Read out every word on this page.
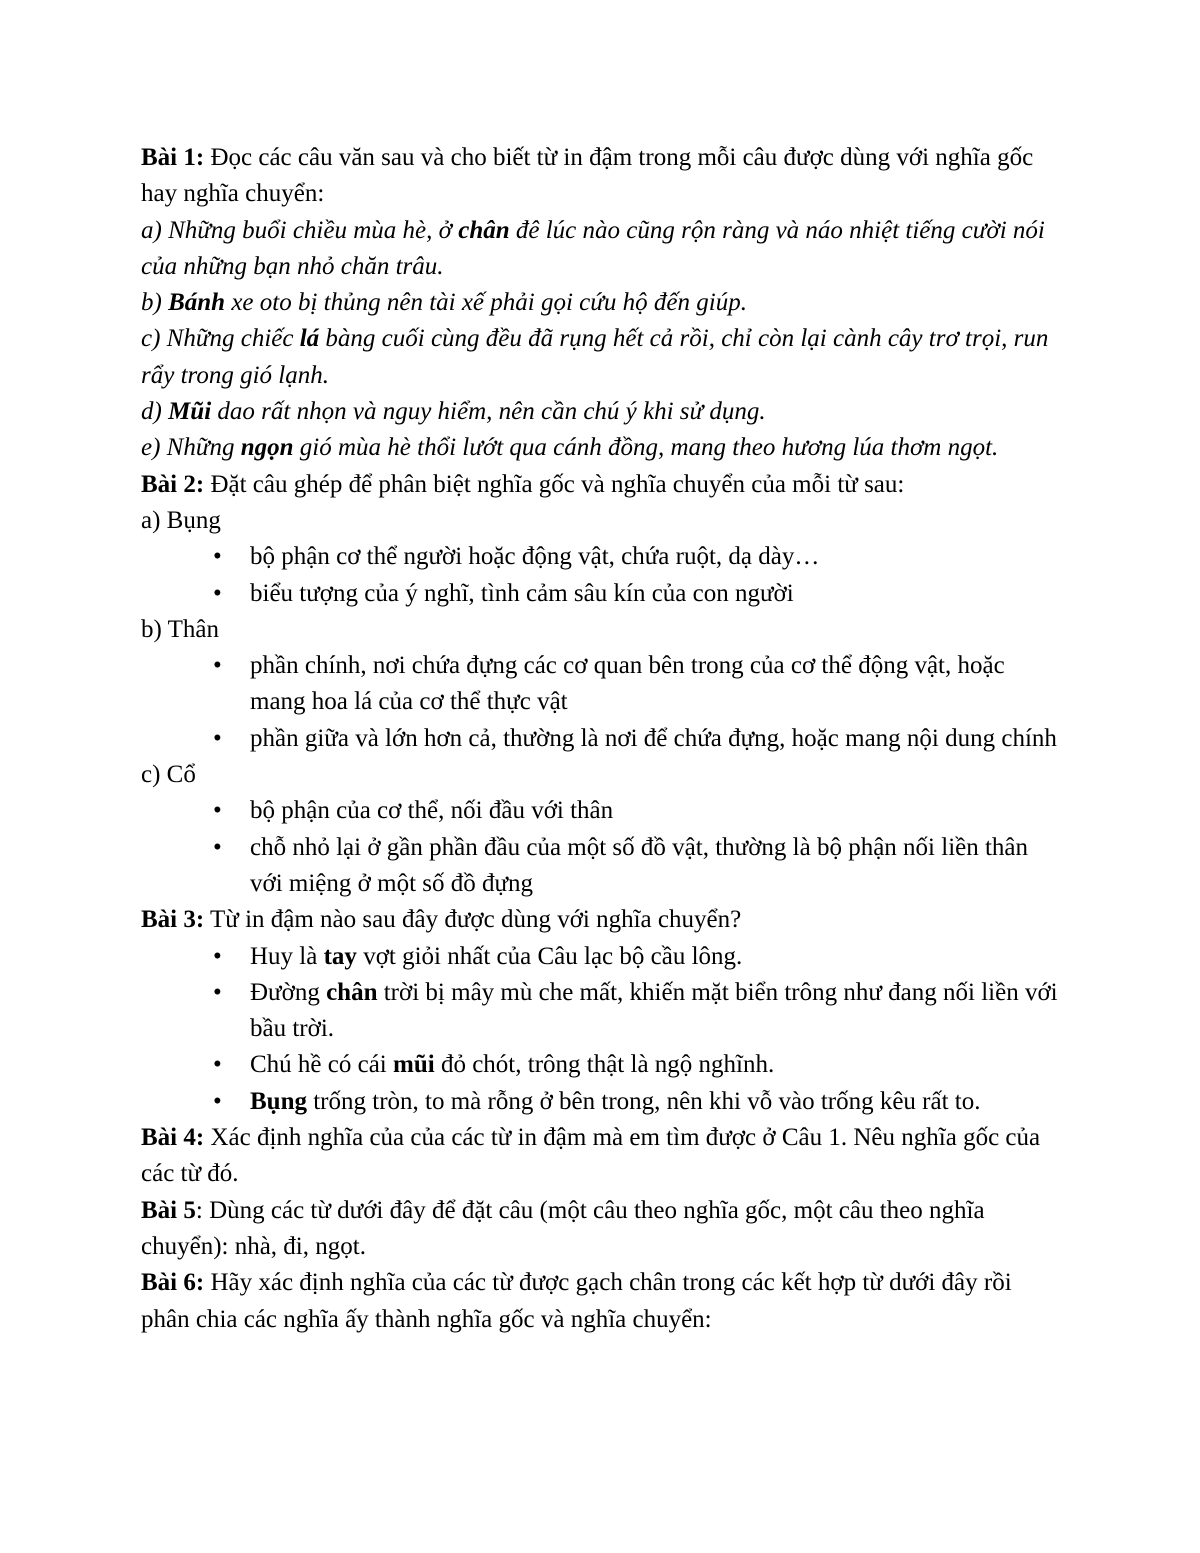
Bài 1: Đọc các câu văn sau và cho biết từ in đậm trong mỗi câu được dùng với nghĩa gốc hay nghĩa chuyển:

a) Những buổi chiều mùa hè, ở chân đê lúc nào cũng rộn ràng và náo nhiệt tiếng cười nói của những bạn nhỏ chăn trâu.

b) Bánh xe oto bị thủng nên tài xế phải gọi cứu hộ đến giúp.

c) Những chiếc lá bàng cuối cùng đều đã rụng hết cả rồi, chỉ còn lại cành cây trơ trọi, run rẩy trong gió lạnh.

d) Mũi dao rất nhọn và nguy hiểm, nên cần chú ý khi sử dụng.

e) Những ngọn gió mùa hè thổi lướt qua cánh đồng, mang theo hương lúa thơm ngọt.

Bài 2: Đặt câu ghép để phân biệt nghĩa gốc và nghĩa chuyển của mỗi từ sau:

a) Bụng

• bộ phận cơ thể người hoặc động vật, chứa ruột, dạ dày…
• biểu tượng của ý nghĩ, tình cảm sâu kín của con người

b) Thân

• phần chính, nơi chứa đựng các cơ quan bên trong của cơ thể động vật, hoặc mang hoa lá của cơ thể thực vật
• phần giữa và lớn hơn cả, thường là nơi để chứa đựng, hoặc mang nội dung chính

c) Cổ

• bộ phận của cơ thể, nối đầu với thân
• chỗ nhỏ lại ở gần phần đầu của một số đồ vật, thường là bộ phận nối liền thân với miệng ở một số đồ đựng

Bài 3: Từ in đậm nào sau đây được dùng với nghĩa chuyển?

• Huy là tay vợt giỏi nhất của Câu lạc bộ cầu lông.
• Đường chân trời bị mây mù che mất, khiến mặt biển trông như đang nối liền với bầu trời.
• Chú hề có cái mũi đỏ chót, trông thật là ngộ nghĩnh.
• Bụng trống tròn, to mà rỗng ở bên trong, nên khi vỗ vào trống kêu rất to.

Bài 4: Xác định nghĩa của của các từ in đậm mà em tìm được ở Câu 1. Nêu nghĩa gốc của các từ đó.

Bài 5: Dùng các từ dưới đây để đặt câu (một câu theo nghĩa gốc, một câu theo nghĩa chuyển): nhà, đi, ngọt.

Bài 6: Hãy xác định nghĩa của các từ được gạch chân trong các kết hợp từ dưới đây rồi phân chia các nghĩa ấy thành nghĩa gốc và nghĩa chuyển:
